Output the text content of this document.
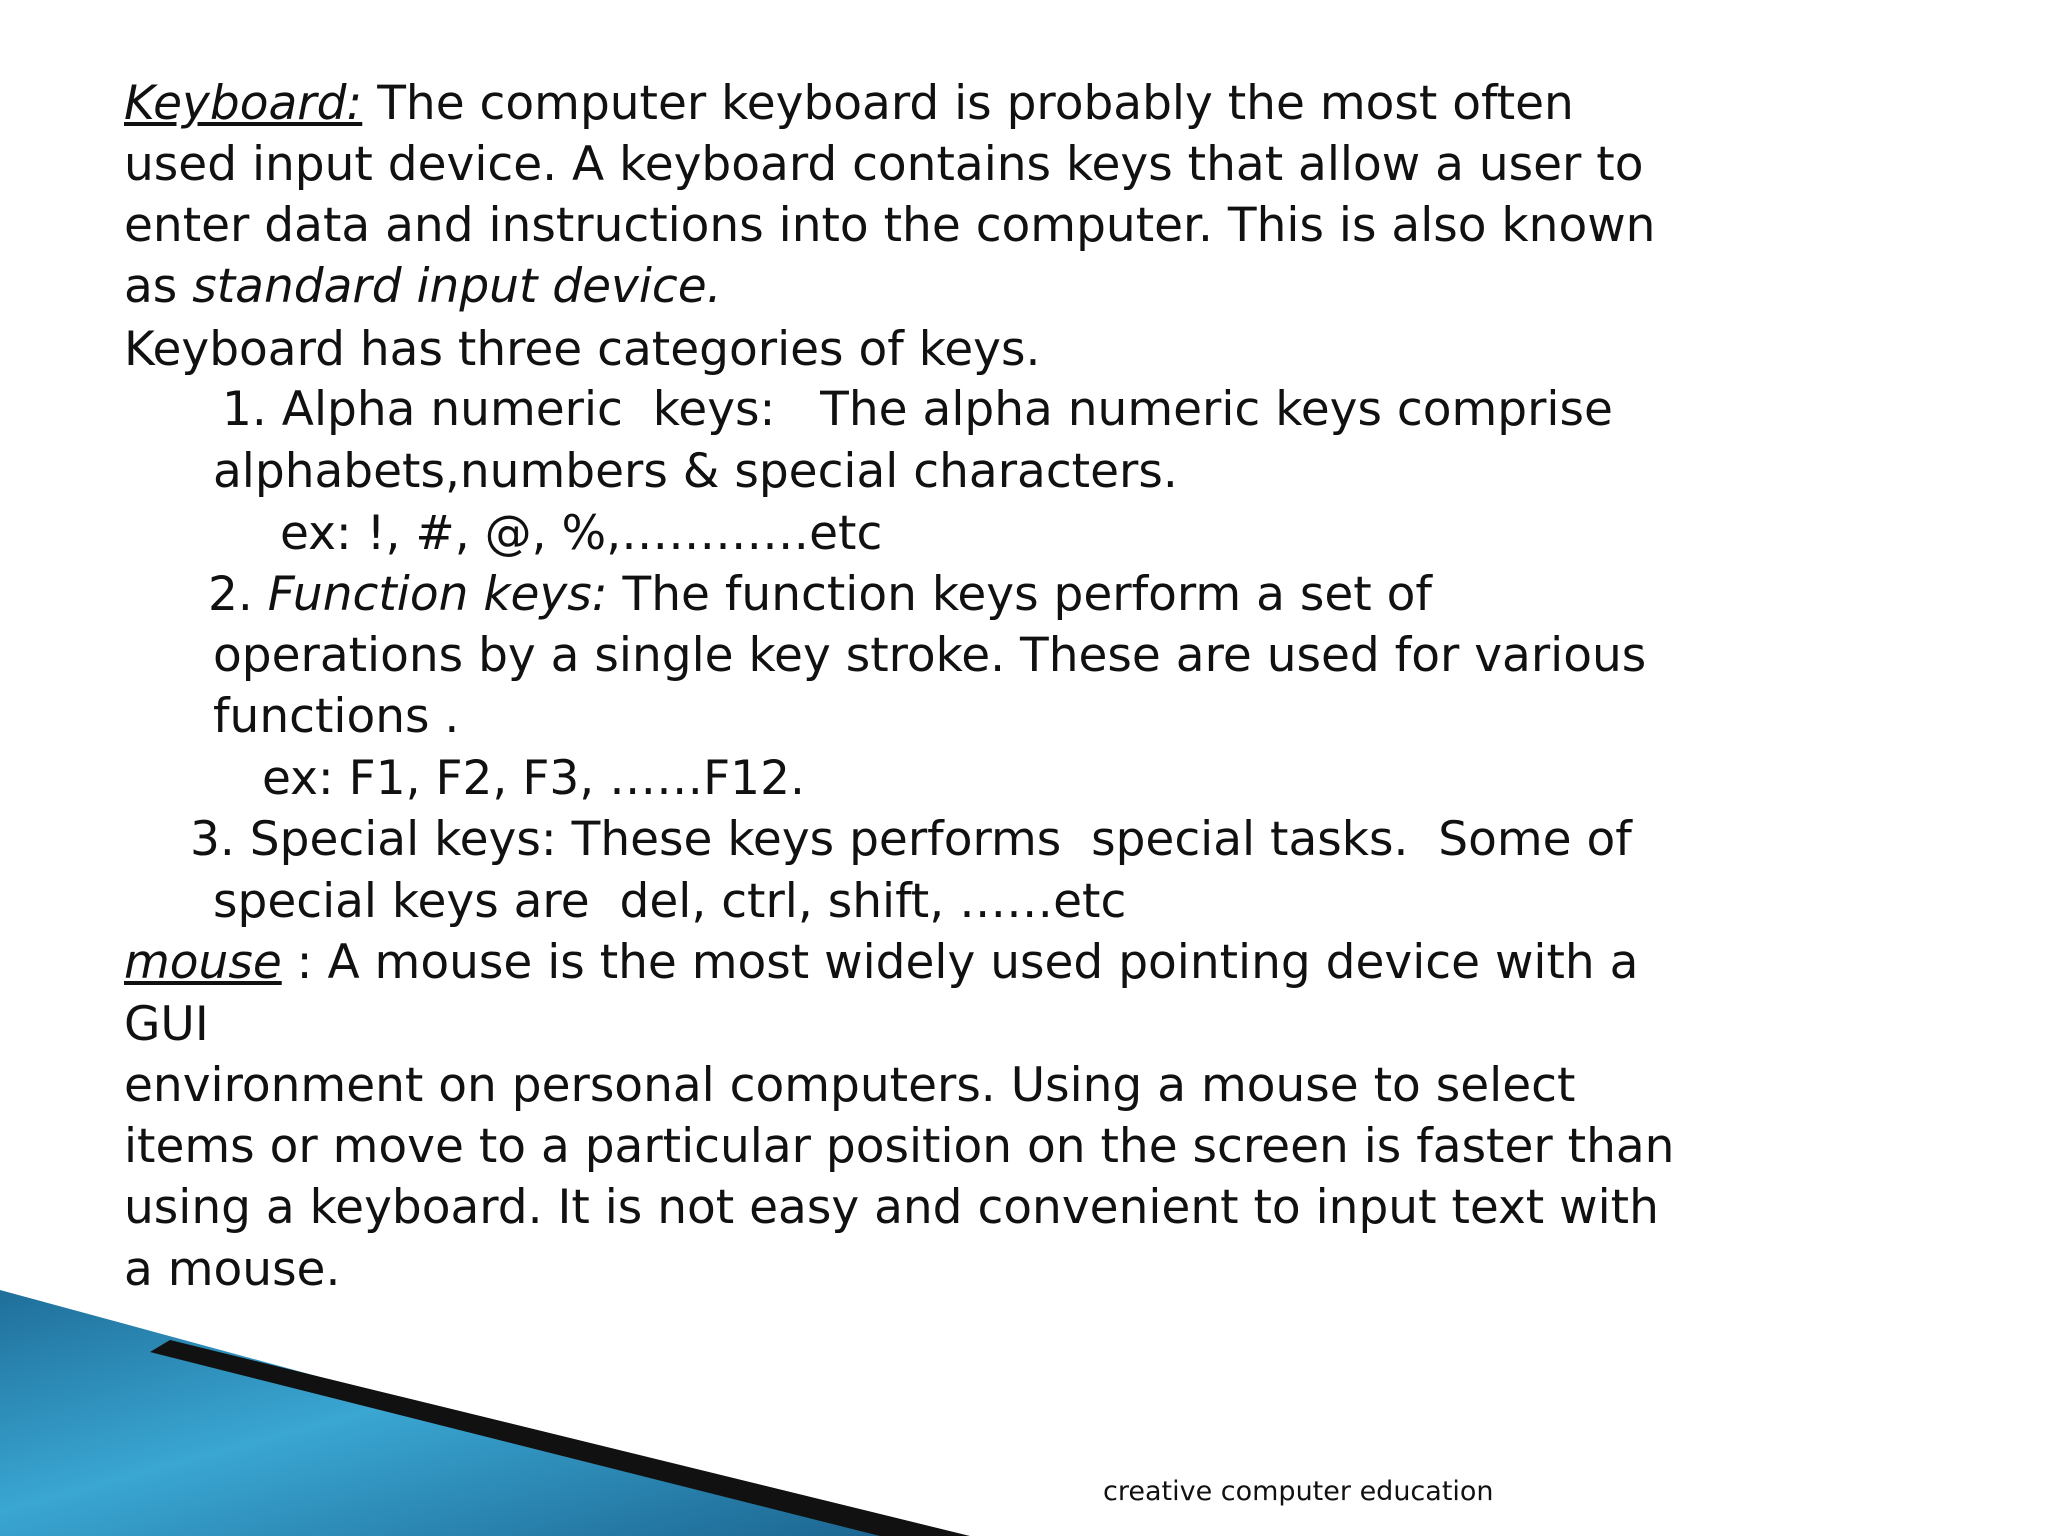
Keyboard: The computer keyboard is probably the most often
used input device. A keyboard contains keys that allow a user to
enter data and instructions into the computer. This is also known
as standard input device.
Keyboard has three categories of keys.
1. Alpha numeric  keys:   The alpha numeric keys comprise
alphabets,numbers & special characters.
ex: !, #, @, %,…………etc
2. Function keys: The function keys perform a set of
operations by a single key stroke. These are used for various
functions .
ex: F1, F2, F3, ……F12.
3. Special keys: These keys performs  special tasks.  Some of
special keys are  del, ctrl, shift, ……etc
mouse : A mouse is the most widely used pointing device with a
GUI
environment on personal computers. Using a mouse to select
items or move to a particular position on the screen is faster than
using a keyboard. It is not easy and convenient to input text with
a mouse.
creative computer education
